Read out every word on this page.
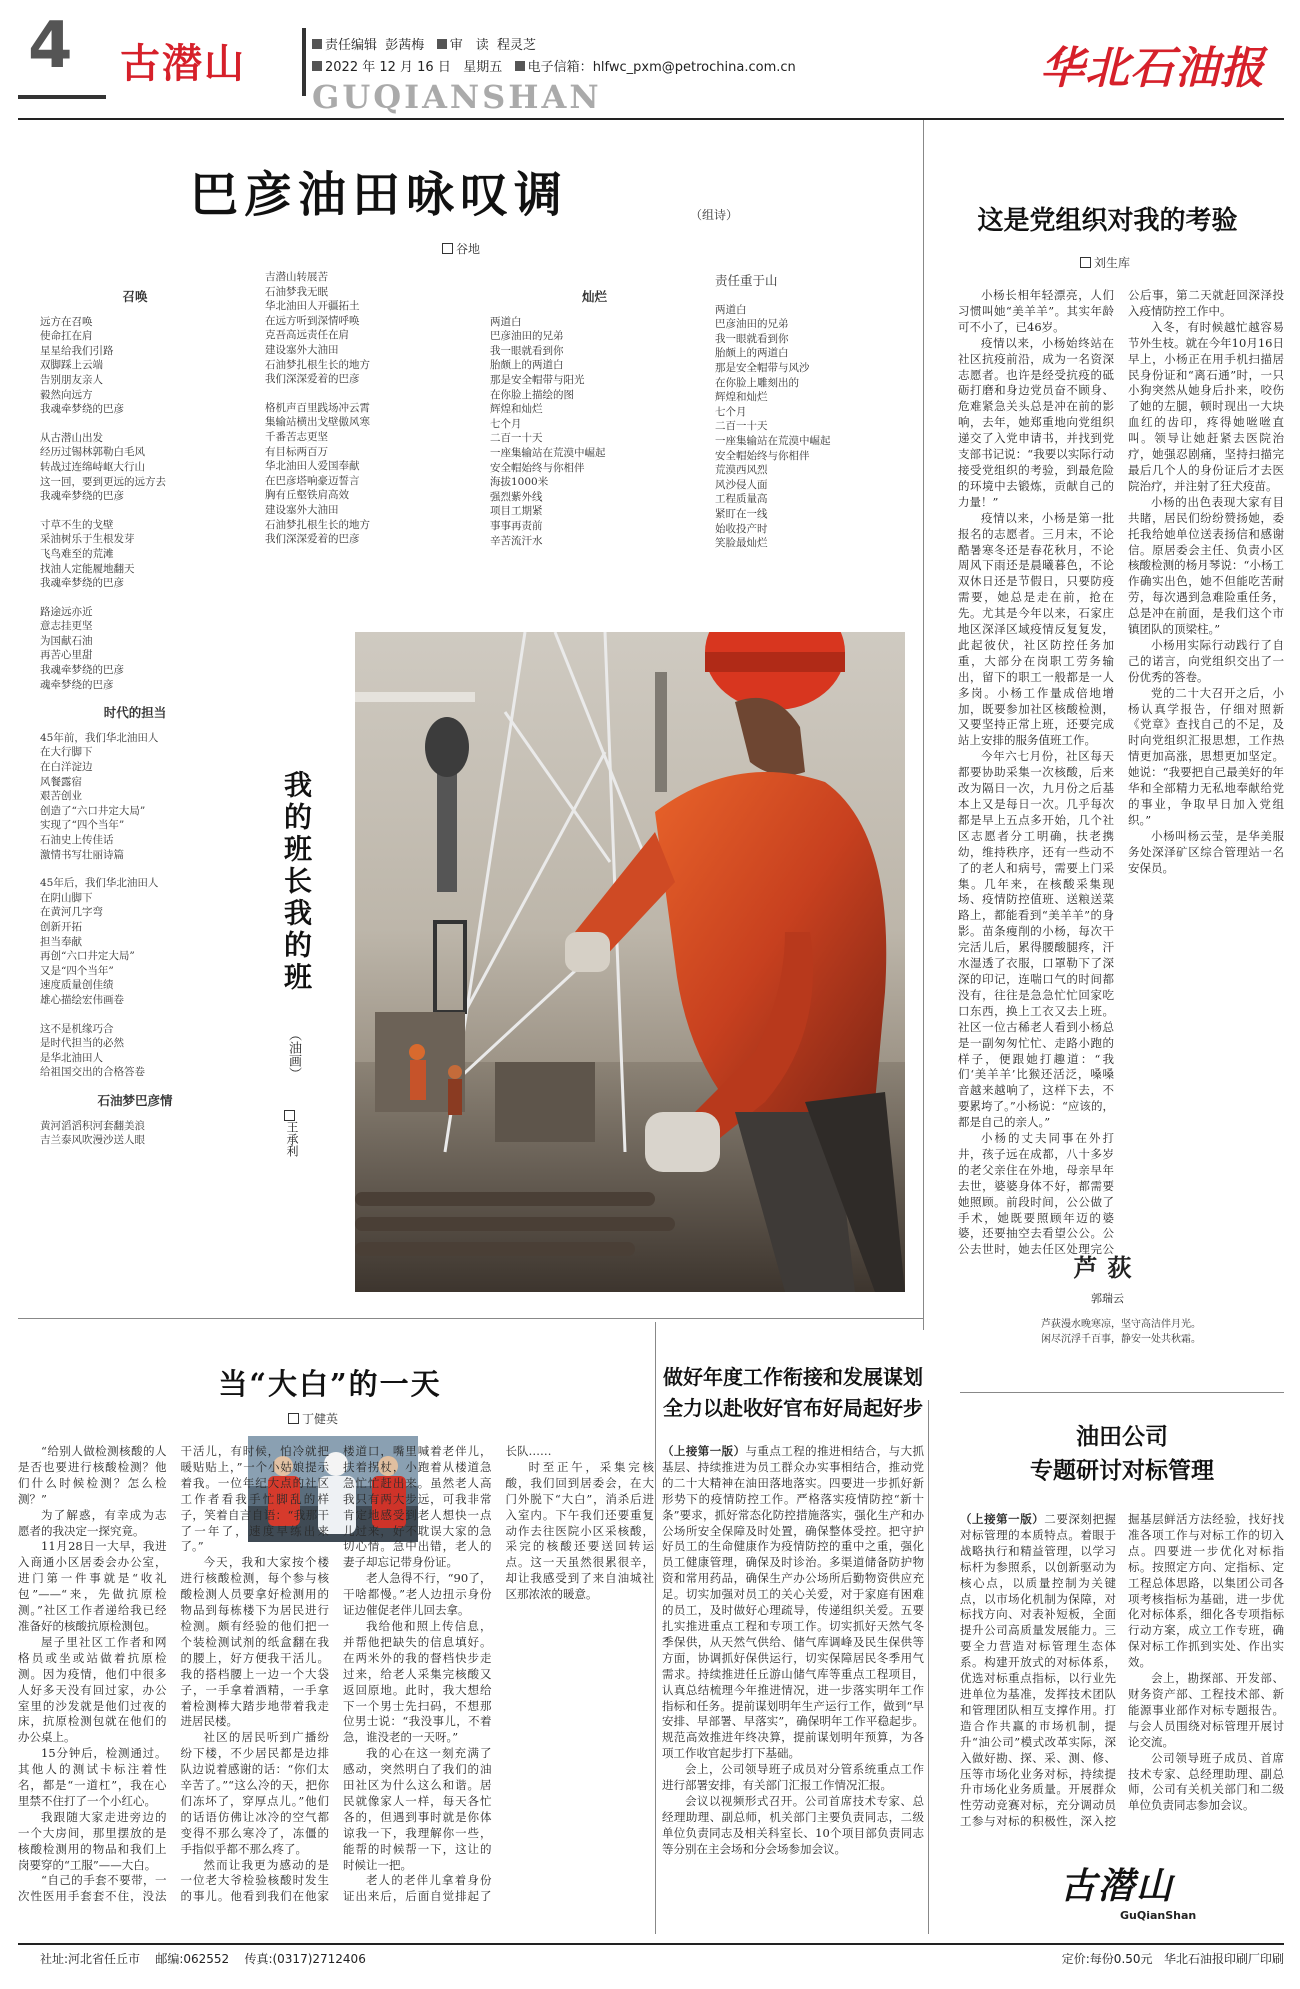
4 古潜山	责任编辑 彭茜梅 审　读 程灵芝
2022 年 12 月 16 日 星期五 电子信箱：hlfwc_pxm@petrochina.com.cn
GUQIANSHAN
华北石油报
巴彦油田咏叹调	（组诗）
谷地
召唤
远方在召唤
使命扛在肩
星星给我们引路
双脚踩上云端
告别朋友亲人
毅然向远方
我魂牵梦绕的巴彦
从古潜山出发
经历过锡林郭勒白毛风
转战过连绵峙岖大行山
这一回，要到更远的远方去
我魂牵梦绕的巴彦
寸草不生的戈壁
采油树乐于生根发芽
飞鸟难至的荒滩
找油人定能履地翻天
我魂牵梦绕的巴彦
路途远亦近
意志挂更坚
为国献石油
再苦心里甜
我魂牵梦绕的巴彦
魂牵梦绕的巴彦
时代的担当
45年前，我们华北油田人
在大行脚下
在白洋淀边
风餐露宿
艰苦创业
创造了“六口井定大局”
实现了“四个当年”
石油史上传佳话
激情书写壮丽诗篇
45年后，我们华北油田人
在阴山脚下
在黄河几字弯
创新开拓
担当奉献
再创“六口井定大局”
又是“四个当年”
速度质量创佳绩
雄心描绘宏伟画卷
这不是机缘巧合
是时代担当的必然
是华北油田人
给祖国交出的合格答卷
石油梦巴彦情
黄河滔滔积河套翻美浪
吉兰泰风吹漫沙送人眼
吉潜山转展苦
石油梦我无眠
华北油田人开疆拓土
在远方听到深情呼唤
克吾高远责任在肩
建设塞外大油田
石油梦扎根生长的地方
我们深深爱着的巴彦
格机声百里践场冲云霄
集输站横出戈壁傲风寒
千番苦志更坚
有目标两百万
华北油田人爱国奉献
在巴彦塔响豪迈誓言
胸有丘壑铁肩高效
建设塞外大油田
石油梦扎根生长的地方
我们深深爱着的巴彦
灿烂
两道白
巴彦油田的兄弟
我一眼就看到你
胎颇上的两道白
那是安全帽带与阳光
在你脸上描绘的图
辉煌和灿烂
七个月
二百一十天
一座集输站在荒漠中崛起
安全帽始终与你相伴
海拔1000米
强烈紫外线
项目工期紧
事事再责前
辛苦流汗水
责任重于山
两道白
巴彦油田的兄弟
我一眼就看到你
胎颇上的两道白
那是安全帽带与风沙
在你脸上雕刻出的
辉煌和灿烂
七个月
二百一十天
一座集输站在荒漠中崛起
安全帽始终与你相伴
荒漠西风烈
风沙侵人面
工程质量高
紧盯在一线
始收投产时
笑脸最灿烂
我的班长我的班
（油画）
王承利
这是党组织对我的考验
刘生库

小杨长相年轻漂亮，人们习惯叫她“美羊羊”。其实年龄可不小了，已46岁。

疫情以来，小杨始终站在社区抗疫前沿，成为一名资深志愿者。也许是经受抗疫的砥砺打磨和身边党员奋不顾身、危难紧急关头总是冲在前的影响，去年，她郑重地向党组织递交了入党申请书，并找到党支部书记说：“我要以实际行动接受党组织的考验，到最危险的环境中去锻炼，贡献自己的力量！”

疫情以来，小杨是第一批报名的志愿者。三月末，不论酷暑寒冬还是春花秋月，不论周风下雨还是晨曦暮色，不论双休日还是节假日，只要防疫需要，她总是走在前，抢在先。尤其是今年以来，石家庄地区深泽区域疫情反复复发，此起彼伏，社区防控任务加重，大部分在岗职工劳务输出，留下的职工一般都是一人多岗。小杨工作量成倍地增加，既要参加社区核酸检测，又要坚持正常上班，还要完成站上安排的服务值班工作。

今年六七月份，社区每天都要协助采集一次核酸，后来改为隔日一次，九月份之后基本上又是每日一次。几乎每次都是早上五点多开始，几个社区志愿者分工明确，扶老携幼，维持秩序，还有一些动不了的老人和病号，需要上门采集。几年来，在核酸采集现场、疫情防控值班、送粮送菜路上，都能看到“美羊羊”的身影。苗条瘦削的小杨，每次干完活儿后，累得腰酸腿疼，汗水湿透了衣服，口罩勒下了深深的印记，连喘口气的时间都没有，往往是急急忙忙回家吃口东西，换上工衣又去上班。社区一位古稀老人看到小杨总是一副匆匆忙忙、走路小跑的样子，便跟她打趣道：“我们‘美羊羊’比猴还活泛，嗓嗓音越来越响了，这样下去，不要累垮了。”小杨说：“应该的，都是自己的亲人。”

小杨的丈夫同事在外打井，孩子远在成都，八十多岁的老父亲住在外地，母亲早年去世，婆婆身体不好，都需要她照顾。前段时间，公公做了手术，她既要照顾年迈的婆婆，还要抽空去看望公公。公公去世时，她去任区处理完公公后事，第二天就赶回深泽投入疫情防控工作中。

入冬，有时候越忙越容易节外生枝。就在今年10月16日早上，小杨正在用手机扫描居民身份证和“离石通”时，一只小狗突然从她身后扑来，咬伤了她的左腿，顿时现出一大块血红的齿印，疼得她咝咝直叫。领导让她赶紧去医院治疗，她强忍剧痛，坚持扫描完最后几个人的身份证后才去医院治疗，并注射了狂犬疫苗。

小杨的出色表现大家有目共睹，居民们纷纷赞扬她，委托我给她单位送表扬信和感谢信。原居委会主任、负责小区核酸检测的杨月琴说：“小杨工作确实出色，她不但能吃苦耐劳，每次遇到急难险重任务，总是冲在前面，是我们这个市镇团队的顶梁柱。”

小杨用实际行动践行了自己的诺言，向党组织交出了一份优秀的答卷。

党的二十大召开之后，小杨认真学报告，仔细对照新《党章》查找自己的不足，及时向党组织汇报思想，工作热情更加高涨，思想更加坚定。她说：“我要把自己最美好的年华和全部精力无私地奉献给党的事业，争取早日加入党组织。”

小杨叫杨云莹，是华美服务处深泽矿区综合管理站一名安保员。

芦荻
郭瑞云
芦荻漫水晚寒凉，坚守高洁伴月光。
闲尽沉浮千百事，静安一处共秋霜。
当“大白”的一天
丁健英

“给别人做检测核酸的人是否也要进行核酸检测？他们什么时候检测？怎么检测？”

为了解惑，有幸成为志愿者的我决定一探究竟。

11月28日一大早，我进入商通小区居委会办公室，进门第一件事就是“收礼包”——“来，先做抗原检测。”社区工作者递给我已经准备好的核酸抗原检测包。

屋子里社区工作者和网格员或坐或站做着抗原检测。因为疫情，他们中很多人好多天没有回过家，办公室里的沙发就是他们过夜的床，抗原检测包就在他们的办公桌上。

15分钟后，检测通过。其他人的测试卡标注着性名，都是“一道杠”，我在心里禁不住打了一个小红心。

我跟随大家走进旁边的一个大房间，那里摆放的是核酸检测用的物品和我们上岗要穿的“工服”——大白。

“自己的手套不要带，一次性医用手套套不住，没法干活儿，有时候，怕冷就把暖贴贴上，”一个小姑娘提示着我。一位年纪大点的社区工作者看我手忙脚乱的样子，笑着自言自语：“我那干了一年了，速度早练出来了。”

今天，我和大家按个楼进行核酸检测，每个参与核酸检测人员要拿好检测用的物品到每栋楼下为居民进行检测。颇有经验的他们把一个装检测试剂的纸盒翻在我的腰上，好方便我干活儿。我的搭档腰上一边一个大袋子，一手拿着酒精，一手拿着检测棒大踏步地带着我走进居民楼。

社区的居民听到广播纷纷下楼，不少居民都是边排队边说着感谢的话：“你们太辛苦了。”“这么冷的天，把你们冻坏了，穿厚点儿。”他们的话语仿佛让冰冷的空气都变得不那么寒冷了，冻僵的手指似乎都不那么疼了。

然而让我更为感动的是一位老大爷检验核酸时发生的事儿。他看到我们在他家楼道口，嘴里喊着老伴儿，扶着拐杖，小跑着从楼道急急忙忙赶出来。虽然老人高我只有两大步远，可我非常肯定地感受到老人想快一点儿过来，好不耽误大家的急切心情。急中出错，老人的妻子却忘记带身份证。

老人急得不行，“90了，干啥都慢。”老人边扭示身份证边催促老伴儿回去拿。

我给他和照上传信息，并帮他把缺失的信息填好。在两米外的我的督档快步走过来，给老人采集完核酸又返回原地。此时，我大想给下一个男士先扫码，不想那位男士说：“我没事儿，不着急，谁没老的一天呀。”

我的心在这一刻充满了感动，突然明白了我们的油田社区为什么这么和谐。居民就像家人一样，每天各忙各的，但遇到事时就是你体谅我一下，我理解你一些，能帮的时候帮一下，这让的时候让一把。

老人的老伴儿拿着身份证出来后，后面自觉排起了长队……

时至正午，采集完核酸，我们回到居委会，在大门外脱下“大白”，消杀后进入室内。下午我们还要重复动作去往医院小区采核酸，采完的核酸还要送回转运点。这一天虽然很累很辛，却让我感受到了来自油城社区那浓浓的暖意。

做好年度工作衔接和发展谋划
全力以赴收好官布好局起好步

（上接第一版）与重点工程的推进相结合，与大抓基层、持续推进为员工群众办实事相结合，推动党的二十大精神在油田落地落实。四要进一步抓好新形势下的疫情防控工作。严格落实疫情防控“新十条”要求，抓好常态化防控措施落实，强化生产和办公场所安全保障及时处置，确保整体受控。把守护好员工的生命健康作为疫情防控的重中之重，强化员工健康管理，确保及时诊治。多渠道储备防护物资和常用药品，确保生产办公场所后勤物资供应充足。切实加强对员工的关心关爱，对于家庭有困难的员工，及时做好心理疏导，传递组织关爱。五要扎实推进重点工程和专项工作。切实抓好天然气冬季保供，从天然气供给、储气库调峰及民生保供等方面，协调抓好保供运行，切实保障居民冬季用气需求。持续推进任丘游山储气库等重点工程项目，认真总结梳理今年推进情况，进一步落实明年工作指标和任务。提前谋划明年生产运行工作，做到“早安排、早部署、早落实”，确保明年工作平稳起步。规范高效推进年终决算，提前谋划明年预算，为各项工作收官起步打下基础。

会上，公司领导班子成员对分管系统重点工作进行部署安排，有关部门汇报工作情况汇报。

会议以视频形式召开。公司首席技术专家、总经理助理、副总师，机关部门主要负责同志，二级单位负责同志及相关科室长、10个项目部负责同志等分别在主会场和分会场参加会议。

油田公司
专题研讨对标管理

（上接第一版）二要深刻把握对标管理的本质特点。着眼于战略执行和精益管理，以学习标杆为参照系，以创新驱动为核心点，以质量控制为关键点，以市场化机制为保障，对标找方向、对表补短板，全面提升公司高质量发展能力。三要全力营造对标管理生态体系。构建开放式的对标体系，优选对标重点指标，以行业先进单位为基准，发挥技术团队和管理团队相互支撑作用。打造合作共赢的市场机制，提升“油公司”模式改革实际，深入做好勘、探、采、测、修、压等市场化业务对标，持续提升市场化业务质量。开展群众性劳动竞赛对标，充分调动员工参与对标的积极性，深入挖掘基层鲜活方法经验，找好找准各项工作与对标工作的切入点。四要进一步优化对标指标。按照定方向、定指标、定工程总体思路，以集团公司各项考核指标为基础，进一步优化对标体系，细化各专项指标行动方案，成立工作专班，确保对标工作抓到实处、作出实效。

会上，勘探部、开发部、财务资产部、工程技术部、新能源事业部作对标专题报告。与会人员围绕对标管理开展讨论交流。

公司领导班子成员、首席技术专家、总经理助理、副总师，公司有关机关部门和二级单位负责同志参加会议。

古潜山
GuQianShan
社址:河北省任丘市 邮编:062552 传真:(0317)2712406	定价:每份0.50元 华北石油报印刷厂印刷
